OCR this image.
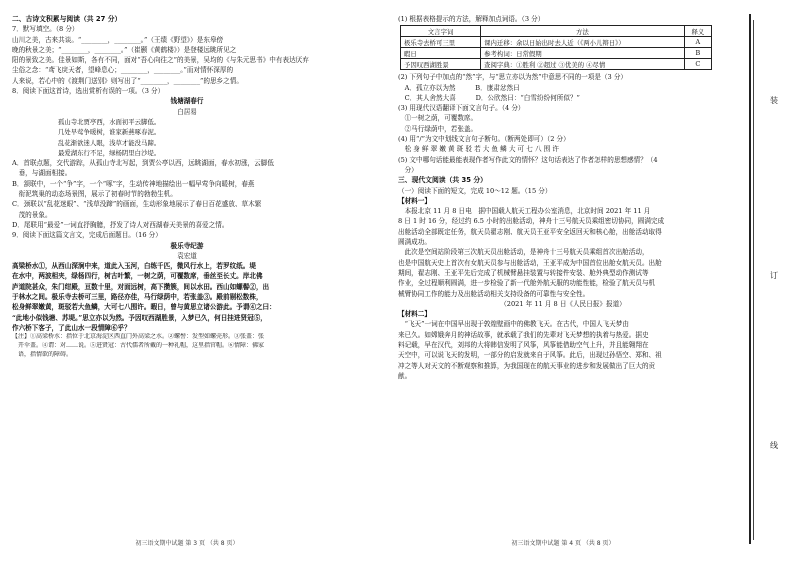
二、古诗文积累与阅读（共 27 分）
7．默写填空。（8 分）
山川之美，古来共谈。“________，________。”（王绩《野望》）是东皋傍
晚的秋景之美；“________，________。”（崔颢《黄鹤楼》）是登楼远眺所见之
阳的景致之美。佳景如斯，各有不同，面对“吾心向往之”的美景，吴均的《与朱元思书》中有表达厌弃
尘俗之念：“鸢飞戾天者，望峰息心；________，________。”而对情怀深厚的
人来说，若心中的《渡荆门送别》则写出了“________，________”的思乡之情。
8．阅读下面这首诗，选出赏析有误的一项。（3 分）
钱塘湖春行
白居易
孤山寺北贾亭西，水面初平云脚低。
几处早莺争暖树，谁家新燕啄春泥。
乱花渐欲迷人眼，浅草才能没马蹄。
最爱湖东行不足，绿杨阴里白沙堤。
A．首联点题，交代游踪，从孤山寺北写起，到贾公亭以西，远眺湖面，春水初涨，云脚低
　垂，与湖面相接。
B．颔联中，一个“争”字，一个“啄”字，生动传神地描绘出一幅早莺争向暖树，春燕
　衔泥筑巢的动态场景图，展示了初春时节的勃勃生机。
C．颈联以“乱花迷眼”、“浅草没蹄”的画面，生动形象地展示了春日百花盛放、草木繁
　茂的景象。
D．尾联用“最爱”一词直抒胸臆，抒发了诗人对西湖春天美景的喜爱之情。
9．阅读下面这篇文言文，完成后面题目。（16 分）
极乐寺纪游
袁宏道
高梁桥水①，从西山深涧中来，道此入玉河，白练千匹，微风行水上，若罗纹纸。堤
在水中，两波相夹，绿杨四行，树古叶繁，一树之荫，可覆数席，垂丝至长丈。岸北佛
庐道院甚众，朱门绀殿，亘数十里，对面远树，高下攒簇，间以水田。西山如螺髻②，出
于林水之间。极乐寺去桥可三里，路径亦佳，马行绿荫中，若张盖③。殿前剔松数株，
松身鲜翠嫩黄，斑驳若大鱼鳞，大可七八围许。暇日，曾与黄思立诸公游此。予谓④之曰：
“此地小似钱塘、苏堤。”思立亦以为然。予因叹西湖胜景，入梦已久，何日挂进贤冠⑤，
作六桥下客子，了此山水一段情障⑥乎？
【注】①高梁桥水：指位于北京海淀区西直门外高梁之水。②螺髻：发型如螺壳形。③张盖：张
　开伞盖。④谓：对……说。⑤进贤冠：古代儒者所戴的一种礼帽，这里指官帽。⑥情障：佛家
　语，指情欲的障碍。
初三语文期中试题 第 3 页 （共 8 页）
(1) 根据表格提示的方法，解释加点词语。（3 分）
文言字词	方法	释义
极乐寺去桥可三里	课内迁移：余以日始出时去人近（《两小儿辩日》）	A
暇日	参考构词：日常假期	B
予因叹西湖胜景	查阅字典：①胜利 ②超过 ③优美的 ④尽情	C
(2) 下列句子中加点的“然”字，与“思立亦以为然”中意思不同的一项是（3 分）
　A．孤立亦以为然　　　B．康肃忿然曰
　C．其人舍然大喜　　　D．公欣然曰：“白雪纷纷何所似？”
(3) 用现代汉语翻译下面文言句子。（4 分）
　①一树之荫，可覆数席。
　②马行绿荫中，若张盖。
(4) 用“/”为文中划线文言句子断句。（断两处即可）（2 分）
　松 身 鲜 翠 嫩 黄 斑 驳 若 大 鱼 鳞 大 可 七 八 围 许
(5) 文中哪句话能最能表现作者写作此文的情怀？这句话表达了作者怎样的思想感情？（4
　分）
三、现代文阅读（共 35 分）
（一）阅读下面的短文，完成 10～12 题。（15 分）
【材料一】
　本报北京 11 月 8 日电　据中国载人航天工程办公室消息，北京时间 2021 年 11 月
8 日 1 时 16 分，经过约 6.5 小时的出舱活动，神舟十三号航天员乘组密切协同，圆满完成
出舱活动全部既定任务，航天员翟志刚、航天员王亚平安全返回天和核心舱，出舱活动取得
圆满成功。
　此次是空间站阶段第三次航天员出舱活动，是神舟十三号航天员乘组首次出舱活动，
也是中国航天史上首次有女航天员参与出舱活动，王亚平成为中国首位出舱女航天员。出舱
期间，翟志刚、王亚平先后完成了机械臂悬挂装置与转接件安装、舱外典型动作测试等
作业，全过程顺利圆满，进一步检验了新一代舱外航天服的功能性能，检验了航天员与机
械臂协同工作的能力及出舱活动相关支持设备的可靠性与安全性。
（2021 年 11 月 8 日《人民日报》报道）
【材料二】
　“飞天”一词在中国早出现于敦煌壁画中的佛教飞天。在古代，中国人飞天梦由
来已久。如嫦娥奔月的神话故事，就承载了我们的先辈对飞天梦想的执着与热爱。据史
料记载，早在汉代，刘邦的大将韩信发明了风筝，风筝能借助空气上升，并且能翱翔在
天空中，可以说飞天的发明，一部分的启发就来自于风筝。此后，出现过孙悟空、郑和、祖
冲之等人对天文的不断观察和推算，为我国现在的航天事业的进步和发展做出了巨大的贡
献。
初三语文期中试题 第 4 页 （共 8 页）
装
订
线
